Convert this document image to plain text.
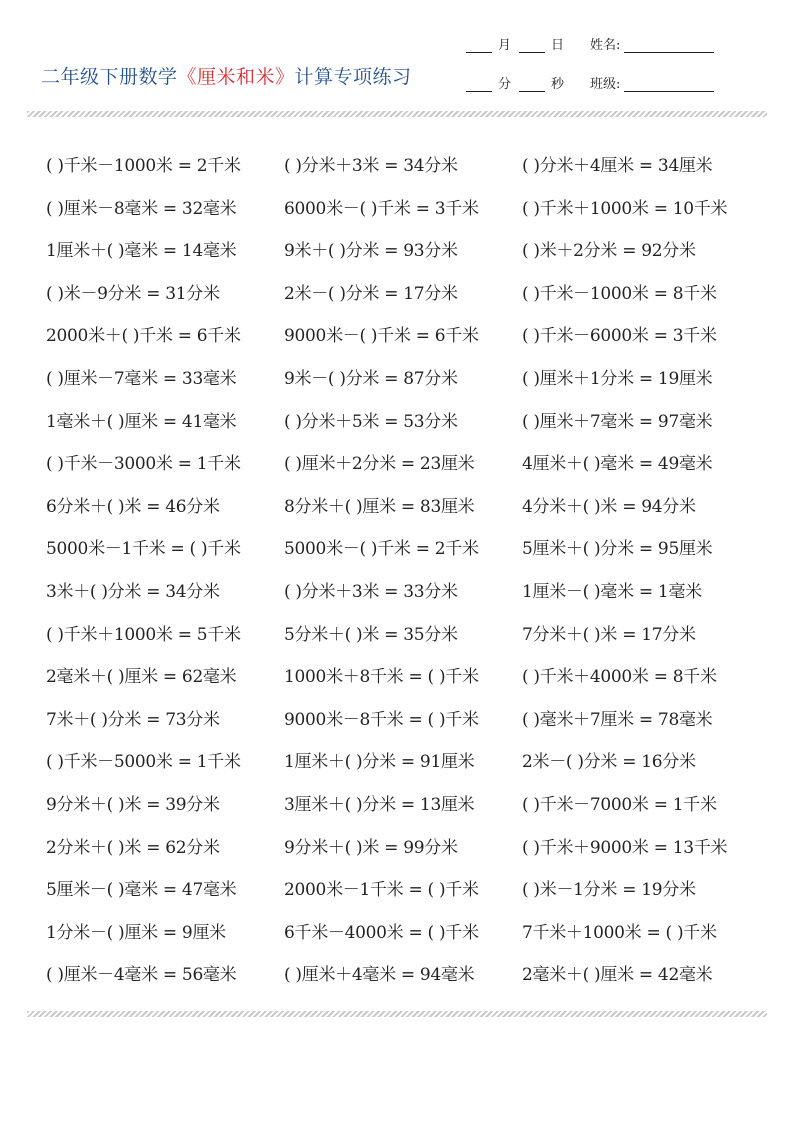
月	日 姓名:
分	秒 班级:
二年级下册数学《厘米和米》计算专项练习
( )千米－1000米 = 2千米	( )分米＋3米 = 34分米	( )分米＋4厘米 = 34厘米
( )厘米－8毫米 = 32毫米	6000米－( )千米 = 3千米	( )千米＋1000米 = 10千米
1厘米＋( )毫米 = 14毫米	9米＋( )分米 = 93分米	( )米＋2分米 = 92分米
( )米－9分米 = 31分米	2米－( )分米 = 17分米	( )千米－1000米 = 8千米
2000米＋( )千米 = 6千米	9000米－( )千米 = 6千米	( )千米－6000米 = 3千米
( )厘米－7毫米 = 33毫米	9米－( )分米 = 87分米	( )厘米＋1分米 = 19厘米
1毫米＋( )厘米 = 41毫米	( )分米＋5米 = 53分米	( )厘米＋7毫米 = 97毫米
( )千米－3000米 = 1千米	( )厘米＋2分米 = 23厘米	4厘米＋( )毫米 = 49毫米
6分米＋( )米 = 46分米	8分米＋( )厘米 = 83厘米	4分米＋( )米 = 94分米
5000米－1千米 = ( )千米	5000米－( )千米 = 2千米	5厘米＋( )分米 = 95厘米
3米＋( )分米 = 34分米	( )分米＋3米 = 33分米	1厘米－( )毫米 = 1毫米
( )千米＋1000米 = 5千米	5分米＋( )米 = 35分米	7分米＋( )米 = 17分米
2毫米＋( )厘米 = 62毫米	1000米＋8千米 = ( )千米	( )千米＋4000米 = 8千米
7米＋( )分米 = 73分米	9000米－8千米 = ( )千米	( )毫米＋7厘米 = 78毫米
( )千米－5000米 = 1千米	1厘米＋( )分米 = 91厘米	2米－( )分米 = 16分米
9分米＋( )米 = 39分米	3厘米＋( )分米 = 13厘米	( )千米－7000米 = 1千米
2分米＋( )米 = 62分米	9分米＋( )米 = 99分米	( )千米＋9000米 = 13千米
5厘米－( )毫米 = 47毫米	2000米－1千米 = ( )千米	( )米－1分米 = 19分米
1分米－( )厘米 = 9厘米	6千米－4000米 = ( )千米	7千米＋1000米 = ( )千米
( )厘米－4毫米 = 56毫米	( )厘米＋4毫米 = 94毫米	2毫米＋( )厘米 = 42毫米
